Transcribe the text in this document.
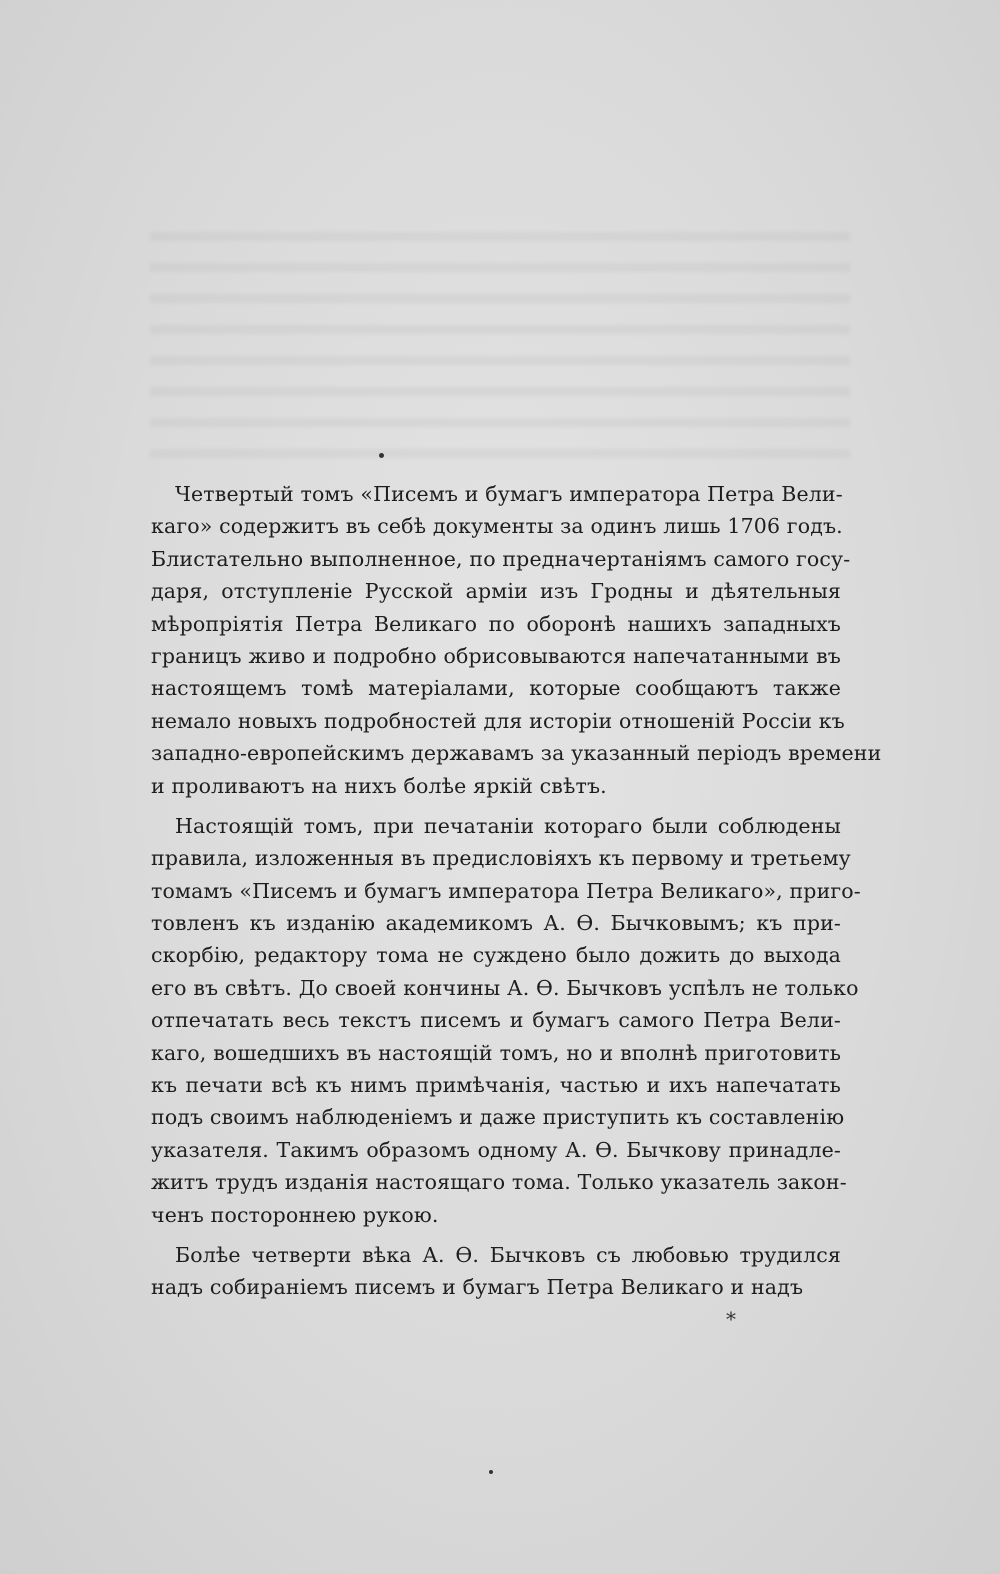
Четвертый томъ «Писемъ и бумагъ императора Петра Вели-
каго» содержитъ въ себѣ документы за одинъ лишь 1706 годъ.
Блистательно выполненное, по предначертаніямъ самого госу-
даря, отступленіе Русской арміи изъ Гродны и дѣятельныя
мѣропріятія Петра Великаго по оборонѣ нашихъ западныхъ
границъ живо и подробно обрисовываются напечатанными въ
настоящемъ томѣ матеріалами, которые сообщаютъ также
немало новыхъ подробностей для исторіи отношеній Россіи къ
западно-европейскимъ державамъ за указанный періодъ времени
и проливаютъ на нихъ болѣе яркій свѣтъ.
Настоящій томъ, при печатаніи котораго были соблюдены
правила, изложенныя въ предисловіяхъ къ первому и третьему
томамъ «Писемъ и бумагъ императора Петра Великаго», приго-
товленъ къ изданію академикомъ А. Ѳ. Бычковымъ; къ при-
скорбію, редактору тома не суждено было дожить до выхода
его въ свѣтъ. До своей кончины А. Ѳ. Бычковъ успѣлъ не только
отпечатать весь текстъ писемъ и бумагъ самого Петра Вели-
каго, вошедшихъ въ настоящій томъ, но и вполнѣ приготовить
къ печати всѣ къ нимъ примѣчанія, частью и ихъ напечатать
подъ своимъ наблюденіемъ и даже приступить къ составленію
указателя. Такимъ образомъ одному А. Ѳ. Бычкову принадле-
житъ трудъ изданія настоящаго тома. Только указатель закон-
ченъ постороннею рукою.
Болѣе четверти вѣка А. Ѳ. Бычковъ съ любовью трудился
надъ собираніемъ писемъ и бумагъ Петра Великаго и надъ
*
